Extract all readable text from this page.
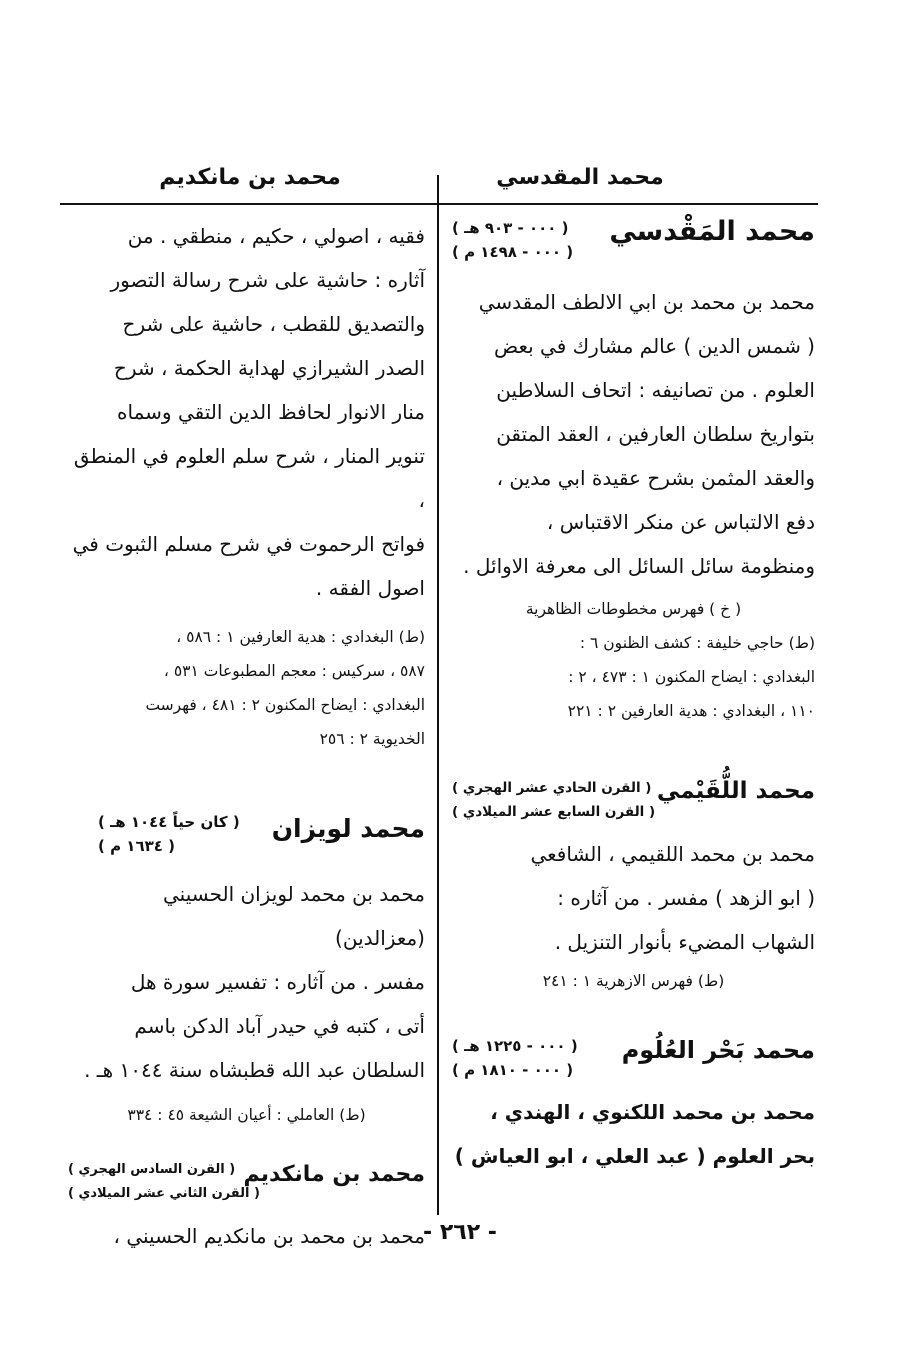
محمد المقدسي
محمد بن مانكديم
محمد المَقْدسي
( ٠٠٠ - ٩٠٣ هـ )
( ٠٠٠ - ١٤٩٨ م )

محمد بن محمد بن ابي الالطف المقدسي

( شمس الدين ) عالم مشارك في بعض

العلوم . من تصانيفه : اتحاف السلاطين

بتواريخ سلطان العارفين ، العقد المتقن

والعقد المثمن بشرح عقيدة ابي مدين ،

دفع الالتباس عن منكر الاقتباس ،

ومنظومة سائل السائل الى معرفة الاوائل .

( خ ) فهرس مخطوطات الظاهرية

(ط) حاجي خليفة : كشف الظنون ٦ :

البغدادي : ايضاح المكنون ١ : ٤٧٣ ، ٢ :

١١٠ ، البغدادي : هدية العارفين ٢ : ٢٢١

محمد اللُّقَيْمي
( القرن الحادي عشر الهجري )
( القرن السابع عشر الميلادي )

محمد بن محمد اللقيمي ، الشافعي

( ابو الزهد ) مفسر . من آثاره :

الشهاب المضيء بأنوار التنزيل .

(ط) فهرس الازهرية ١ : ٢٤١

محمد بَحْر العُلُوم
( ٠٠٠ - ١٢٢٥ هـ )
( ٠٠٠ - ١٨١٠ م )

محمد بن محمد اللكنوي ، الهندي ،

بحر العلوم ( عبد العلي ، ابو العياش )

فقيه ، اصولي ، حكيم ، منطقي . من

آثاره : حاشية على شرح رسالة التصور

والتصديق للقطب ، حاشية على شرح

الصدر الشيرازي لهداية الحكمة ، شرح

منار الانوار لحافظ الدين التقي وسماه

تنوير المنار ، شرح سلم العلوم في المنطق ،

فواتح الرحموت في شرح مسلم الثبوت في

اصول الفقه .

(ط) البغدادي : هدية العارفين ١ : ٥٨٦ ،

٥٨٧ ، سركيس : معجم المطبوعات ٥٣١ ،

البغدادي : ايضاح المكنون ٢ : ٤٨١ ، فهرست

الخديوية ٢ : ٢٥٦

محمد لويزان
( كان حياً ١٠٤٤ هـ )
( ١٦٣٤ م )

محمد بن محمد لويزان الحسيني (معزالدين)

مفسر . من آثاره : تفسير سورة هل

أتى ، كتبه في حيدر آباد الدكن باسم

السلطان عبد الله قطبشاه سنة ١٠٤٤ هـ .

(ط) العاملي : أعيان الشيعة ٤٥ : ٣٣٤

محمد بن مانكديم
( القرن السادس الهجري )
( القرن الثاني عشر الميلادي )

محمد بن محمد بن مانكديم الحسيني ،

- ٢٦٢ -
